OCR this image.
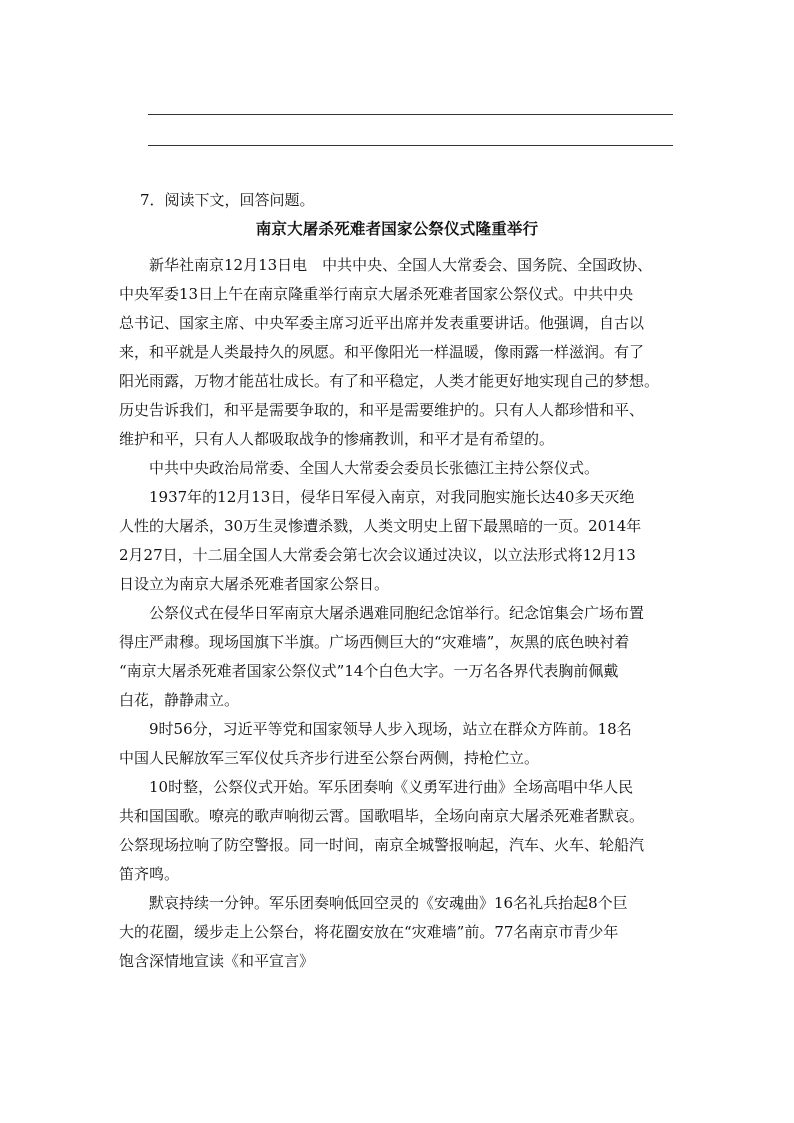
7．阅读下文，回答问题。
南京大屠杀死难者国家公祭仪式隆重举行

新华社南京12月13日电　中共中央、全国人大常委会、国务院、全国政协、
中央军委13日上午在南京隆重举行南京大屠杀死难者国家公祭仪式。中共中央
总书记、国家主席、中央军委主席习近平出席并发表重要讲话。他强调，自古以
来，和平就是人类最持久的夙愿。和平像阳光一样温暖，像雨露一样滋润。有了
阳光雨露，万物才能茁壮成长。有了和平稳定，人类才能更好地实现自己的梦想。
历史告诉我们，和平是需要争取的，和平是需要维护的。只有人人都珍惜和平、
维护和平，只有人人都吸取战争的惨痛教训，和平才是有希望的。

中共中央政治局常委、全国人大常委会委员长张德江主持公祭仪式。

1937年的12月13日，侵华日军侵入南京，对我同胞实施长达40多天灭绝
人性的大屠杀，30万生灵惨遭杀戮，人类文明史上留下最黑暗的一页。2014年
2月27日，十二届全国人大常委会第七次会议通过决议，以立法形式将12月13
日设立为南京大屠杀死难者国家公祭日。

公祭仪式在侵华日军南京大屠杀遇难同胞纪念馆举行。纪念馆集会广场布置
得庄严肃穆。现场国旗下半旗。广场西侧巨大的“灾难墙”，灰黑的底色映衬着
“南京大屠杀死难者国家公祭仪式”14个白色大字。一万名各界代表胸前佩戴
白花，静静肃立。

9时56分，习近平等党和国家领导人步入现场，站立在群众方阵前。18名
中国人民解放军三军仪仗兵齐步行进至公祭台两侧，持枪伫立。

10时整，公祭仪式开始。军乐团奏响《义勇军进行曲》全场高唱中华人民
共和国国歌。嘹亮的歌声响彻云霄。国歌唱毕，全场向南京大屠杀死难者默哀。
公祭现场拉响了防空警报。同一时间，南京全城警报响起，汽车、火车、轮船汽
笛齐鸣。

默哀持续一分钟。军乐团奏响低回空灵的《安魂曲》16名礼兵抬起8个巨
大的花圈，缓步走上公祭台，将花圈安放在“灾难墙”前。77名南京市青少年
饱含深情地宣读《和平宣言》
